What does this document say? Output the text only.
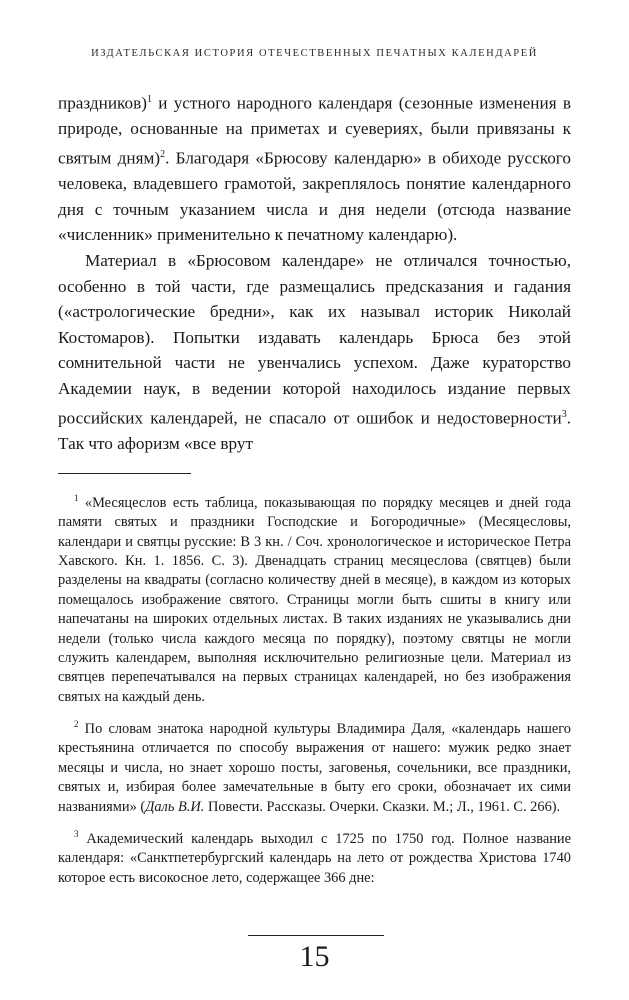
ИЗДАТЕЛЬСКАЯ ИСТОРИЯ ОТЕЧЕСТВЕННЫХ ПЕЧАТНЫХ КАЛЕНДАРЕЙ

праздников)$^1$ и устного народного календаря (сезонные изменения в природе, основанные на приметах и суевериях, были привязаны к святым дням)$^2$. Благодаря «Брюсову календарю» в обиходе русского человека, владевшего грамотой, закреплялось понятие календарного дня с точным указанием числа и дня недели (отсюда название «численник» применительно к печатному календарю).

Материал в «Брюсовом календаре» не отличался точностью, особенно в той части, где размещались предсказания и гадания («астрологические бредни», как их называл историк Николай Костомаров). Попытки издавать календарь Брюса без этой сомнительной части не увенчались успехом. Даже кураторство Академии наук, в ведении которой находилось издание первых российских календарей, не спасало от ошибок и недостоверности$^3$. Так что афоризм «все врут

$^1$ «Месяцеслов есть таблица, показывающая по порядку месяцев и дней года памяти святых и праздники Господские и Богородичные» (Месяцесловы, календари и святцы русские: В 3 кн. / Соч. хронологическое и историческое Петра Хавского. Кн. 1. 1856. С. 3). Двенадцать страниц месяцеслова (святцев) были разделены на квадраты (согласно количеству дней в месяце), в каждом из которых помещалось изображение святого. Страницы могли быть сшиты в книгу или напечатаны на широких отдельных листах. В таких изданиях не указывались дни недели (только числа каждого месяца по порядку), поэтому святцы не могли служить календарем, выполняя исключительно религиозные цели. Материал из святцев перепечатывался на первых страницах календарей, но без изображения святых на каждый день.

$^2$ По словам знатока народной культуры Владимира Даля, «календарь нашего крестьянина отличается по способу выражения от нашего: мужик редко знает месяцы и числа, но знает хорошо посты, заговенья, сочельники, все праздники, святых и, избирая более замечательные в быту его сроки, обозначает их сими названиями» (Даль В.И. Повести. Рассказы. Очерки. Сказки. М.; Л., 1961. С. 266).

$^3$ Академический календарь выходил с 1725 по 1750 год. Полное название календаря: «Санктпетербургский календарь на лето от рождества Христова 1740 которое есть високосное лето, содержащее 366 дне:

15
